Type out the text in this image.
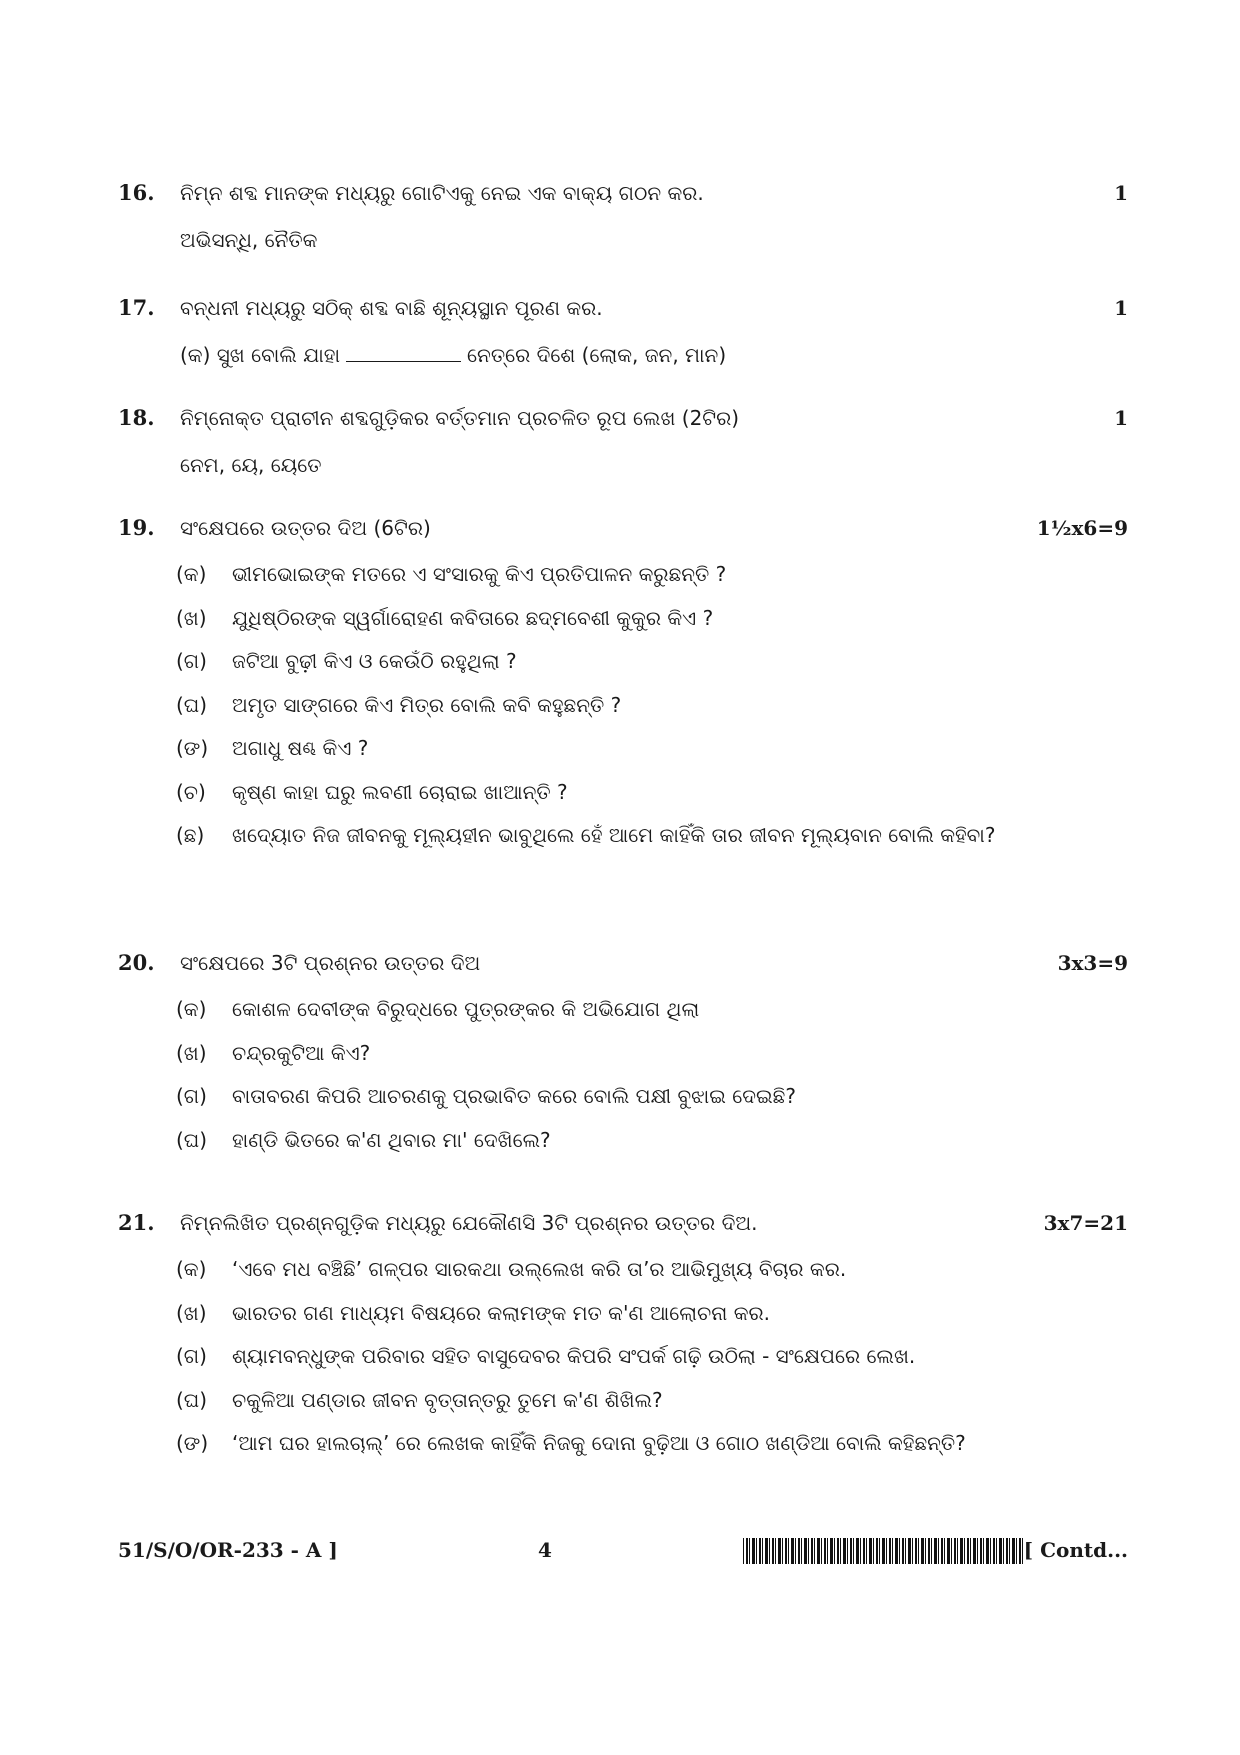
16. ନିମ୍ନ ଶବ୍ଦ ମାନଙ୍କ ମଧ୍ୟରୁ ଗୋଟିଏକୁ ନେଇ ଏକ ବାକ୍ୟ ଗଠନ କର.	1
ଅଭିସନ୍ଧି, ନୈତିକ
17. ବନ୍ଧନୀ ମଧ୍ୟରୁ ସଠିକ୍ ଶବ୍ଦ ବାଛି ଶୂନ୍ୟସ୍ଥାନ ପୂରଣ କର.	1
(କ) ସୁଖ ବୋଲି ଯାହା	ନେତ୍ରେ ଦିଶେ (ଲୋକ, ଜନ, ମାନ)
18. ନିମ୍ନୋକ୍ତ ପ୍ରାଚୀନ ଶବ୍ଦଗୁଡ଼ିକର ବର୍ତ୍ତମାନ ପ୍ରଚଳିତ ରୂପ ଲେଖ (2ଟିର)	1
ନେମ, ୟେ, ୟେତେ
19. ସଂକ୍ଷେପରେ ଉତ୍ତର ଦିଅ (6ଟିର)	1½x6=9
(କ) ଭୀମଭୋଇଙ୍କ ମତରେ ଏ ସଂସାରକୁ କିଏ ପ୍ରତିପାଳନ କରୁଛନ୍ତି ?
(ଖ) ଯୁଧିଷ୍ଠିରଙ୍କ ସ୍ୱର୍ଗାରୋହଣ କବିତାରେ ଛଦ୍ମବେଶୀ କୁକୁର କିଏ ?
(ଗ) ଜଟିଆ ବୁଢ଼ୀ କିଏ ଓ କେଉଁଠି ରହୁଥିଲା ?
(ଘ) ଅମୃତ ସାଙ୍ଗରେ କିଏ ମିତ୍ର ବୋଲି କବି କହୁଛନ୍ତି ?
(ଙ) ଅଗାଧୁ ଷଣ୍ଢ କିଏ ?
(ଚ) କୃଷ୍ଣ କାହା ଘରୁ ଲବଣୀ ଚୋରାଇ ଖାଆନ୍ତି ?
(ଛ) ଖଦ୍ୟୋତ ନିଜ ଜୀବନକୁ ମୂଲ୍ୟହୀନ ଭାବୁଥିଲେ ହେଁ ଆମେ କାହିଁକି ତାର ଜୀବନ ମୂଲ୍ୟବାନ ବୋଲି କହିବା?
20. ସଂକ୍ଷେପରେ 3ଟି ପ୍ରଶ୍ନର ଉତ୍ତର ଦିଅ	3x3=9
(କ) କୋଶଳ ଦେବୀଙ୍କ ବିରୁଦ୍ଧରେ ପୁତ୍ରଙ୍କର କି ଅଭିଯୋଗ ଥିଲା
(ଖ) ଚନ୍ଦ୍ରକୁଟିଆ କିଏ?
(ଗ) ବାତାବରଣ କିପରି ଆଚରଣକୁ ପ୍ରଭାବିତ କରେ ବୋଲି ପକ୍ଷୀ ବୁଝାଇ ଦେଇଛି?
(ଘ) ହାଣ୍ଡି ଭିତରେ କ'ଣ ଥିବାର ମା' ଦେଖିଲେ?
21. ନିମ୍ନଲିଖିତ ପ୍ରଶ୍ନଗୁଡ଼ିକ ମଧ୍ୟରୁ ଯେକୌଣସି 3ଟି ପ୍ରଶ୍ନର ଉତ୍ତର ଦିଅ.	3x7=21
(କ) ‘ଏବେ ମଧ ବଞ୍ଚିଛି’ ଗଳ୍ପର ସାରକଥା ଉଲ୍ଲେଖ କରି ତା’ର ଆଭିମୁଖ୍ୟ ବିଚାର କର.
(ଖ) ଭାରତର ଗଣ ମାଧ୍ୟମ ବିଷୟରେ କଲାମଙ୍କ ମତ କ'ଣ ଆଲୋଚନା କର.
(ଗ) ଶ୍ୟାମବନ୍ଧୁଙ୍କ ପରିବାର ସହିତ ବାସୁଦେବର କିପରି ସଂପର୍କ ଗଢ଼ି ଉଠିଲା - ସଂକ୍ଷେପରେ ଲେଖ.
(ଘ) ଚକୁଳିଆ ପଣ୍ଡାର ଜୀବନ ବୃତ୍ତାନ୍ତରୁ ତୁମେ କ'ଣ ଶିଖିଲ?
(ଙ) ‘ଆମ ଘର ହାଲଚାଲ୍’ ରେ ଲେଖକ କାହିଁକି ନିଜକୁ ଦୋନା ବୁଢ଼ିଆ ଓ ଗୋଠ ଖଣ୍ଡିଆ ବୋଲି କହିଛନ୍ତି?
51/S/O/OR-233 - A ]	4	[ Contd...
